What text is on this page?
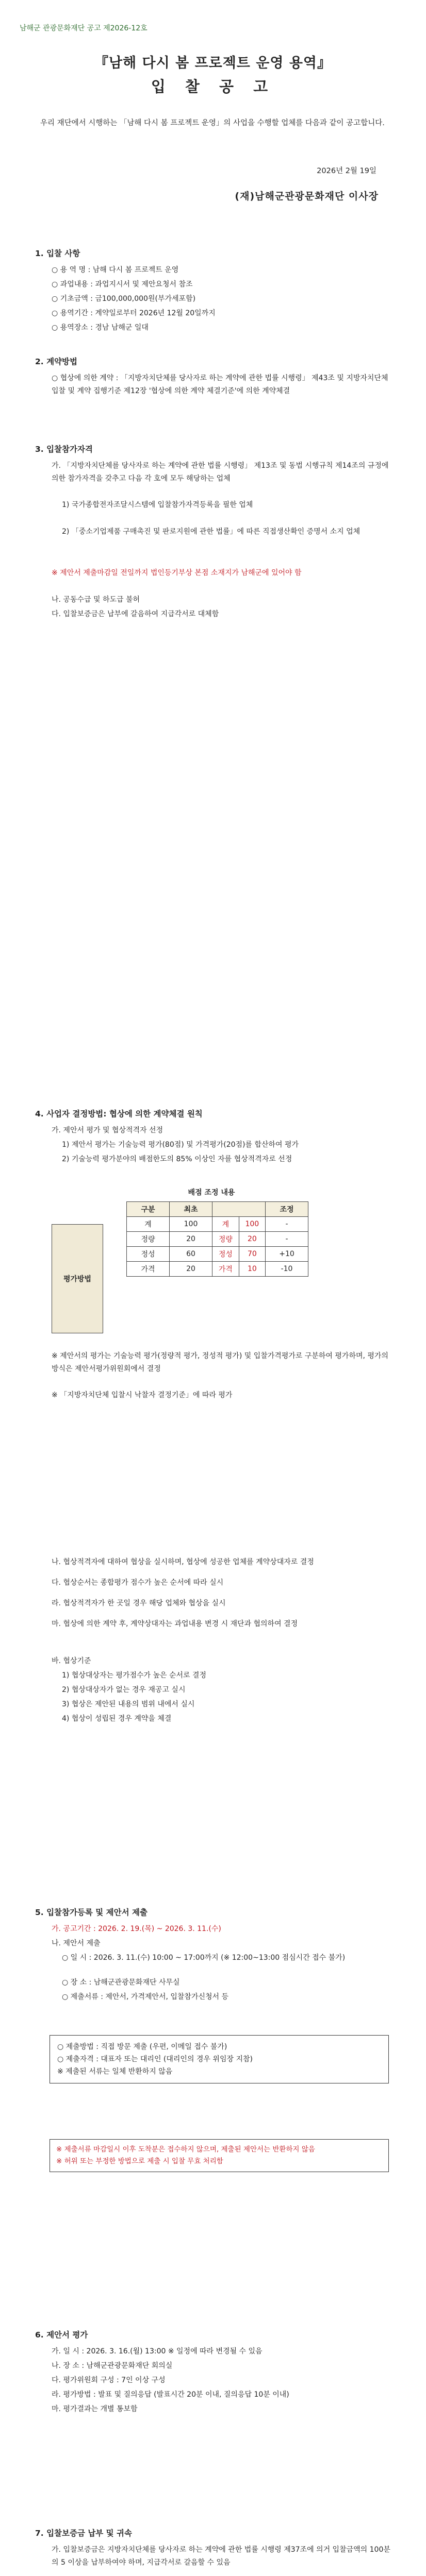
남해군 관광문화재단 공고 제2026-12호
『남해 다시 봄 프로젝트 운영 용역』
입 찰 공 고
우리 재단에서 시행하는 「남해 다시 봄 프로젝트 운영」의 사업을 수행할 업체를 다음과 같이 공고합니다.
2026년 2월 19일
(재)남해군관광문화재단 이사장
1. 입찰 사항
○ 용 역 명 : 남해 다시 봄 프로젝트 운영
○ 과업내용 : 과업지시서 및 제안요청서 참조
○ 기초금액 : 금100,000,000원(부가세포함)
○ 용역기간 : 계약일로부터 2026년 12월 20일까지
○ 용역장소 : 경남 남해군 일대
2. 계약방법
○ 협상에 의한 계약 : 「지방자치단체를 당사자로 하는 계약에 관한 법률 시행령」 제43조 및 지방자치단체 입찰 및 계약 집행기준 제12장 '협상에 의한 계약 체결기준'에 의한 계약체결
3. 입찰참가자격
가. 「지방자치단체를 당사자로 하는 계약에 관한 법률 시행령」 제13조 및 동법 시행규칙 제14조의 규정에 의한 참가자격을 갖추고 다음 각 호에 모두 해당하는 업체
1) 국가종합전자조달시스템에 입찰참가자격등록을 필한 업체
2) 「중소기업제품 구매촉진 및 판로지원에 관한 법률」에 따른 직접생산확인 증명서 소지 업체
※ 제안서 제출마감일 전일까지 법인등기부상 본점 소재지가 남해군에 있어야 함
나. 공동수급 및 하도급 불허
다. 입찰보증금은 납부에 갈음하여 지급각서로 대체함
4. 사업자 결정방법: 협상에 의한 계약체결 원칙
가. 제안서 평가 및 협상적격자 선정
1) 제안서 평가는 기술능력 평가(80점) 및 가격평가(20점)를 합산하여 평가
2) 기술능력 평가분야의 배점한도의 85% 이상인 자를 협상적격자로 선정
배점 조정 내용
평가방법
구분	최초			조정
계	100	계	100	-
정량	20	정량	20	-
정성	60	정성	70	+10
가격	20	가격	10	-10
※ 제안서의 평가는 기술능력 평가(정량적 평가, 정성적 평가) 및 입찰가격평가로 구분하여 평가하며, 평가의 방식은 제안서평가위원회에서 결정
※ 「지방자치단체 입찰시 낙찰자 결정기준」에 따라 평가
나. 협상적격자에 대하여 협상을 실시하며, 협상에 성공한 업체를 계약상대자로 결정
다. 협상순서는 종합평가 점수가 높은 순서에 따라 실시
라. 협상적격자가 한 곳일 경우 해당 업체와 협상을 실시
마. 협상에 의한 계약 후, 계약상대자는 과업내용 변경 시 재단과 협의하여 결정
바. 협상기준
1) 협상대상자는 평가점수가 높은 순서로 결정
2) 협상대상자가 없는 경우 재공고 실시
3) 협상은 제안된 내용의 범위 내에서 실시
4) 협상이 성립된 경우 계약을 체결
5. 입찰참가등록 및 제안서 제출
가. 공고기간 : 2026. 2. 19.(목) ~ 2026. 3. 11.(수)
나. 제안서 제출
○ 일 시 : 2026. 3. 11.(수) 10:00 ~ 17:00까지 (※ 12:00~13:00 점심시간 접수 불가)
○ 장 소 : 남해군관광문화재단 사무실
○ 제출서류 : 제안서, 가격제안서, 입찰참가신청서 등
○ 제출방법 : 직접 방문 제출 (우편, 이메일 접수 불가)
○ 제출자격 : 대표자 또는 대리인 (대리인의 경우 위임장 지참)
※ 제출된 서류는 일체 반환하지 않음
※ 제출서류 마감일시 이후 도착분은 접수하지 않으며, 제출된 제안서는 반환하지 않음
※ 허위 또는 부정한 방법으로 제출 시 입찰 무효 처리함
6. 제안서 평가
가. 일 시 : 2026. 3. 16.(월) 13:00 ※ 일정에 따라 변경될 수 있음
나. 장 소 : 남해군관광문화재단 회의실
다. 평가위원회 구성 : 7인 이상 구성
라. 평가방법 : 발표 및 질의응답 (발표시간 20분 이내, 질의응답 10분 이내)
마. 평가결과는 개별 통보함
7. 입찰보증금 납부 및 귀속
가. 입찰보증금은 지방자치단체를 당사자로 하는 계약에 관한 법률 시행령 제37조에 의거 입찰금액의 100분의 5 이상을 납부하여야 하며, 지급각서로 갈음할 수 있음
